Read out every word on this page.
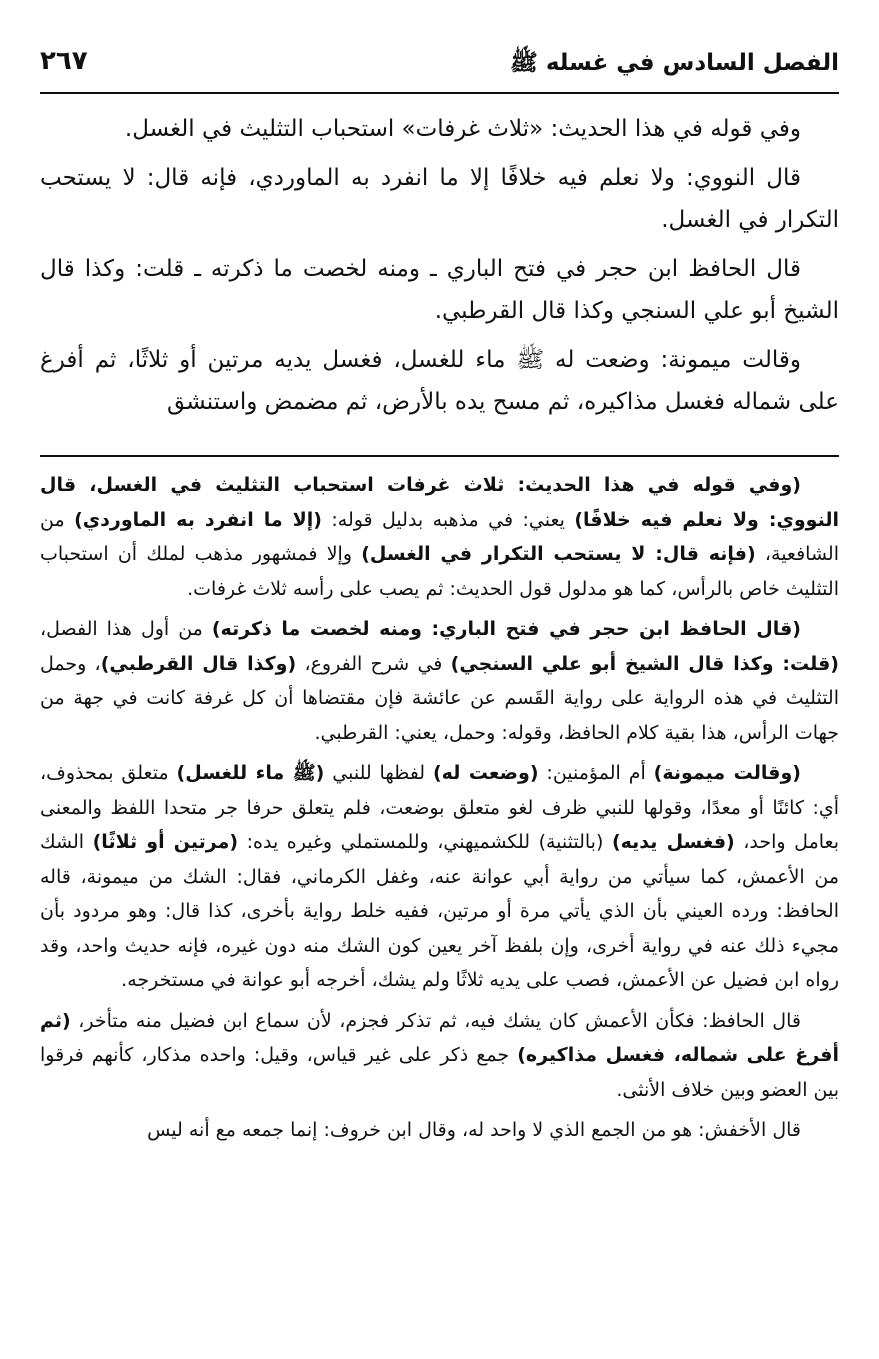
الفصل السادس في غسله ﷺ
٢٦٧

وفي قوله في هذا الحديث: «ثلاث غرفات» استحباب التثليث في الغسل.

قال النووي: ولا نعلم فيه خلافًا إلا ما انفرد به الماوردي، فإنه قال: لا يستحب التكرار في الغسل.

قال الحافظ ابن حجر في فتح الباري ـ ومنه لخصت ما ذكرته ـ قلت: وكذا قال الشيخ أبو علي السنجي وكذا قال القرطبي.

وقالت ميمونة: وضعت له ﷺ ماء للغسل، فغسل يديه مرتين أو ثلاثًا، ثم أفرغ على شماله فغسل مذاكيره، ثم مسح يده بالأرض، ثم مضمض واستنشق

(وفي قوله في هذا الحديث: ثلاث غرفات استحباب التثليث في الغسل، قال النووي: ولا نعلم فيه خلافًا) يعني: في مذهبه بدليل قوله: (إلا ما انفرد به الماوردي) من الشافعية، (فإنه قال: لا يستحب التكرار في الغسل) وإلا فمشهور مذهب لملك أن استحباب التثليث خاص بالرأس، كما هو مدلول قول الحديث: ثم يصب على رأسه ثلاث غرفات.

(قال الحافظ ابن حجر في فتح الباري: ومنه لخصت ما ذكرته) من أول هذا الفصل، (قلت: وكذا قال الشيخ أبو علي السنجي) في شرح الفروع، (وكذا قال القرطبي)، وحمل التثليث في هذه الرواية على رواية القَسم عن عائشة فإن مقتضاها أن كل غرفة كانت في جهة من جهات الرأس، هذا بقية كلام الحافظ، وقوله: وحمل، يعني: القرطبي.

(وقالت ميمونة) أم المؤمنين: (وضعت له) لفظها للنبي (ﷺ ماء للغسل) متعلق بمحذوف، أي: كائنًا أو معدًا، وقولها للنبي ظرف لغو متعلق بوضعت، فلم يتعلق حرفا جر متحدا اللفظ والمعنى بعامل واحد، (فغسل يديه) (بالتثنية) للكشميهني، وللمستملي وغيره يده: (مرتين أو ثلاثًا) الشك من الأعمش، كما سيأتي من رواية أبي عوانة عنه، وغفل الكرماني، فقال: الشك من ميمونة، قاله الحافظ: ورده العيني بأن الذي يأتي مرة أو مرتين، ففيه خلط رواية بأخرى، كذا قال: وهو مردود بأن مجيء ذلك عنه في رواية أخرى، وإن بلفظ آخر يعين كون الشك منه دون غيره، فإنه حديث واحد، وقد رواه ابن فضيل عن الأعمش، فصب على يديه ثلاثًا ولم يشك، أخرجه أبو عوانة في مستخرجه.

قال الحافظ: فكأن الأعمش كان يشك فيه، ثم تذكر فجزم، لأن سماع ابن فضيل منه متأخر، (ثم أفرغ على شماله، فغسل مذاكيره) جمع ذكر على غير قياس، وقيل: واحده مذكار، كأنهم فرقوا بين العضو وبين خلاف الأنثى.

قال الأخفش: هو من الجمع الذي لا واحد له، وقال ابن خروف: إنما جمعه مع أنه ليس
